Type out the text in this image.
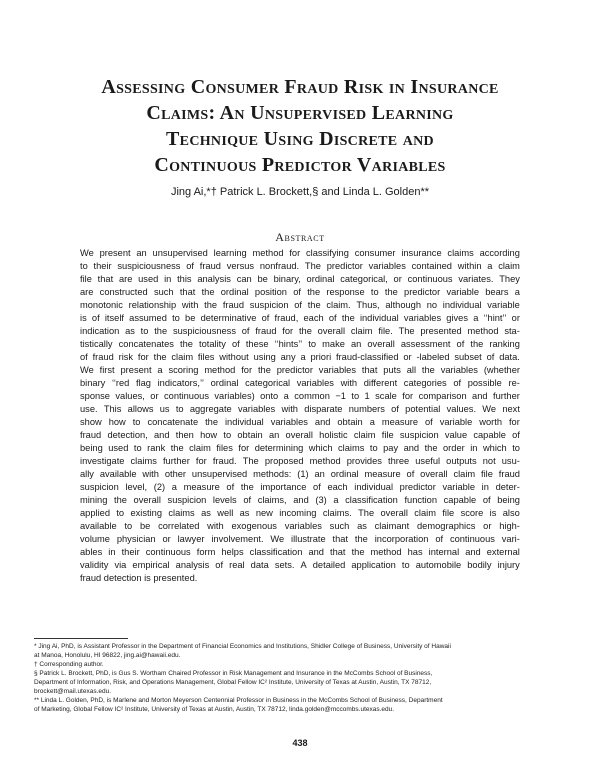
Assessing Consumer Fraud Risk in Insurance
Claims: An Unsupervised Learning
Technique Using Discrete and
Continuous Predictor Variables
Jing Ai,*† Patrick L. Brockett,§ and Linda L. Golden**
Abstract
We present an unsupervised learning method for classifying consumer insurance claims according
to their suspiciousness of fraud versus nonfraud. The predictor variables contained within a claim
file that are used in this analysis can be binary, ordinal categorical, or continuous variates. They
are constructed such that the ordinal position of the response to the predictor variable bears a
monotonic relationship with the fraud suspicion of the claim. Thus, although no individual variable
is of itself assumed to be determinative of fraud, each of the individual variables gives a ‘‘hint’’ or
indication as to the suspiciousness of fraud for the overall claim file. The presented method sta-
tistically concatenates the totality of these ‘‘hints’’ to make an overall assessment of the ranking
of fraud risk for the claim files without using any a priori fraud-classified or -labeled subset of data.
We first present a scoring method for the predictor variables that puts all the variables (whether
binary ‘‘red flag indicators,’’ ordinal categorical variables with different categories of possible re-
sponse values, or continuous variables) onto a common −1 to 1 scale for comparison and further
use. This allows us to aggregate variables with disparate numbers of potential values. We next
show how to concatenate the individual variables and obtain a measure of variable worth for
fraud detection, and then how to obtain an overall holistic claim file suspicion value capable of
being used to rank the claim files for determining which claims to pay and the order in which to
investigate claims further for fraud. The proposed method provides three useful outputs not usu-
ally available with other unsupervised methods: (1) an ordinal measure of overall claim file fraud
suspicion level, (2) a measure of the importance of each individual predictor variable in deter-
mining the overall suspicion levels of claims, and (3) a classification function capable of being
applied to existing claims as well as new incoming claims. The overall claim file score is also
available to be correlated with exogenous variables such as claimant demographics or high-
volume physician or lawyer involvement. We illustrate that the incorporation of continuous vari-
ables in their continuous form helps classification and that the method has internal and external
validity via empirical analysis of real data sets. A detailed application to automobile bodily injury
fraud detection is presented.
* Jing Ai, PhD, is Assistant Professor in the Department of Financial Economics and Institutions, Shidler College of Business, University of Hawaii
at Manoa, Honolulu, HI 96822, jing.ai@hawaii.edu.
† Corresponding author.
§ Patrick L. Brockett, PhD, is Gus S. Wortham Chaired Professor in Risk Management and Insurance in the McCombs School of Business,
Department of Information, Risk, and Operations Management, Global Fellow IC² Institute, University of Texas at Austin, Austin, TX 78712,
brockett@mail.utexas.edu.
** Linda L. Golden, PhD, is Marlene and Morton Meyerson Centennial Professor in Business in the McCombs School of Business, Department
of Marketing, Global Fellow IC² Institute, University of Texas at Austin, Austin, TX 78712, linda.golden@mccombs.utexas.edu.
438
